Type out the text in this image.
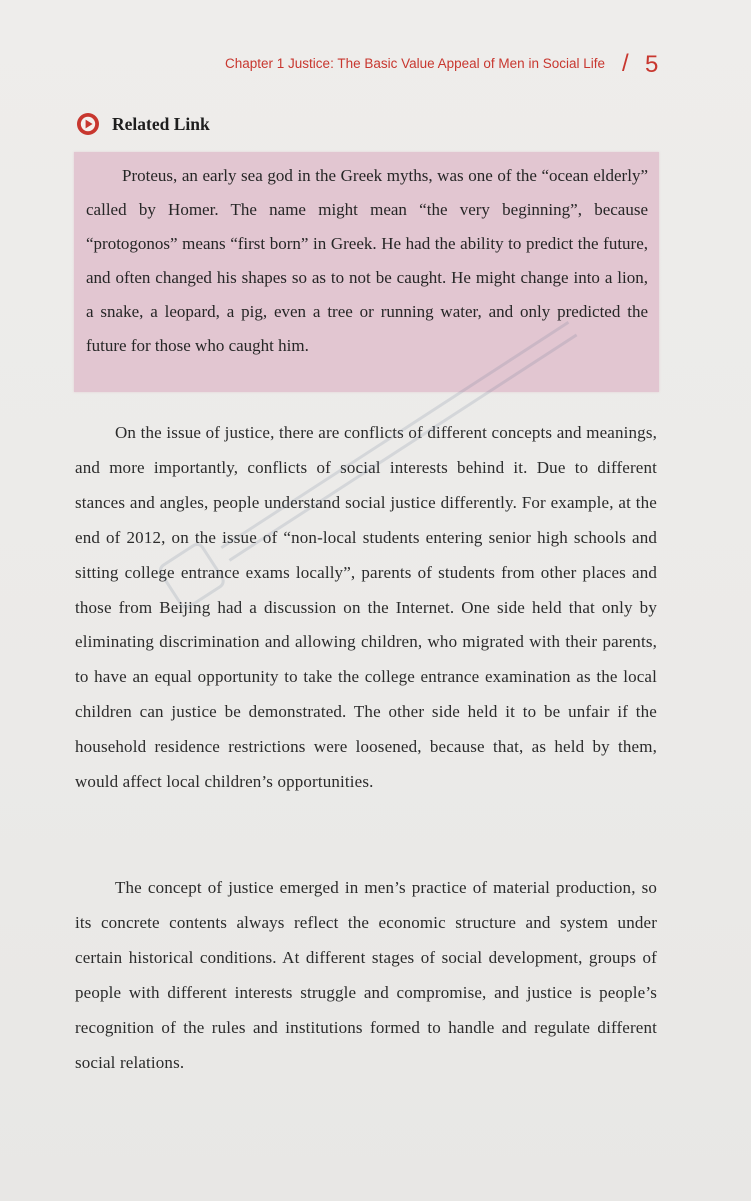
Chapter 1 Justice: The Basic Value Appeal of Men in Social Life / 5
Related Link

Proteus, an early sea god in the Greek myths, was one of the “ocean elderly” called by Homer. The name might mean “the very beginning”, because “protogonos” means “first born” in Greek. He had the ability to predict the future, and often changed his shapes so as to not be caught. He might change into a lion, a snake, a leopard, a pig, even a tree or running water, and only predicted the future for those who caught him.

On the issue of justice, there are conflicts of different concepts and meanings, and more importantly, conflicts of social interests behind it. Due to different stances and angles, people understand social justice differently. For example, at the end of 2012, on the issue of “non-local students entering senior high schools and sitting college entrance exams locally”, parents of students from other places and those from Beijing had a discussion on the Internet. One side held that only by eliminating discrimination and allowing children, who migrated with their parents, to have an equal opportunity to take the college entrance examination as the local children can justice be demonstrated. The other side held it to be unfair if the household residence restrictions were loosened, because that, as held by them, would affect local children’s opportunities.

The concept of justice emerged in men’s practice of material production, so its concrete contents always reflect the economic structure and system under certain historical conditions. At different stages of social development, groups of people with different interests struggle and compromise, and justice is people’s recognition of the rules and institutions formed to handle and regulate different social relations.
